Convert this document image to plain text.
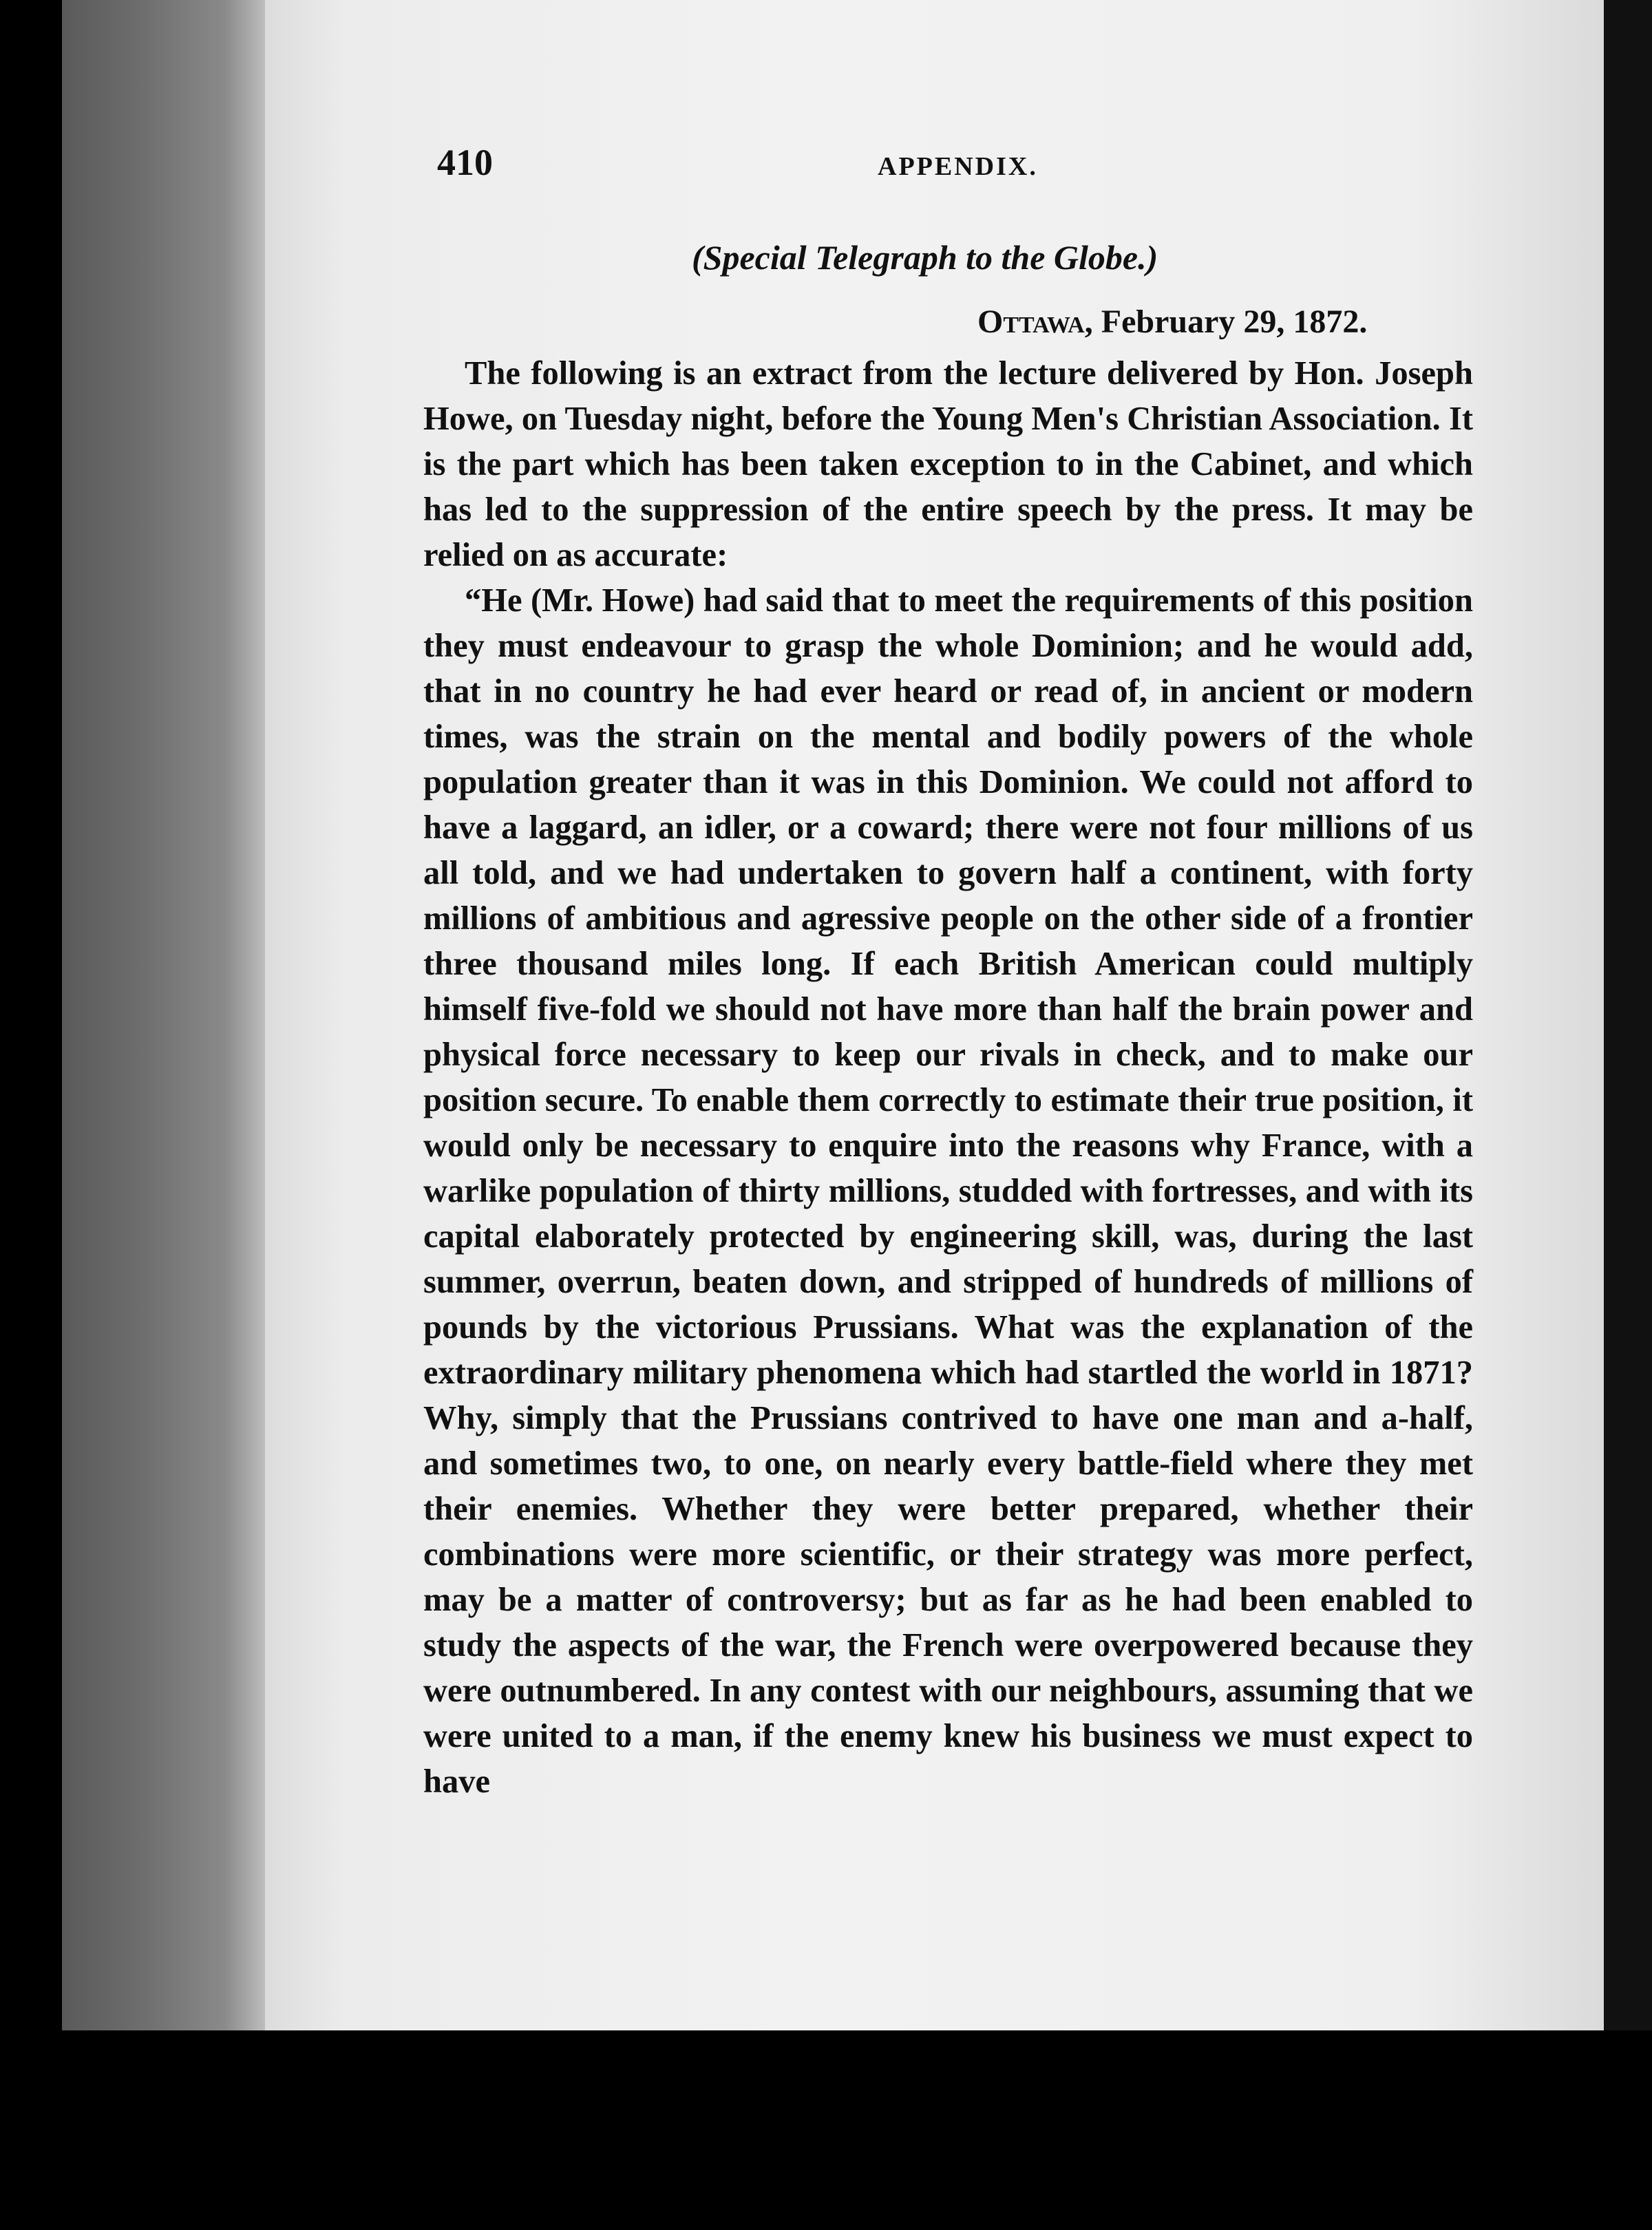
410	APPENDIX.
(Special Telegraph to the Globe.)
Ottawa, February 29, 1872.

The following is an extract from the lecture delivered by Hon. Joseph Howe, on Tuesday night, before the Young Men's Christian Association. It is the part which has been taken exception to in the Cabinet, and which has led to the suppression of the entire speech by the press. It may be relied on as accurate:

“He (Mr. Howe) had said that to meet the requirements of this position they must endeavour to grasp the whole Dominion; and he would add, that in no country he had ever heard or read of, in ancient or modern times, was the strain on the mental and bodily powers of the whole population greater than it was in this Dominion. We could not afford to have a laggard, an idler, or a coward; there were not four millions of us all told, and we had undertaken to govern half a continent, with forty millions of ambitious and agressive people on the other side of a frontier three thousand miles long. If each British American could multiply himself five-fold we should not have more than half the brain power and physical force necessary to keep our rivals in check, and to make our position secure. To enable them correctly to estimate their true position, it would only be necessary to enquire into the reasons why France, with a warlike population of thirty millions, studded with fortresses, and with its capital elaborately protected by engineering skill, was, during the last summer, overrun, beaten down, and stripped of hundreds of millions of pounds by the victorious Prussians. What was the explanation of the extraordinary military phenomena which had startled the world in 1871? Why, simply that the Prussians contrived to have one man and a-half, and sometimes two, to one, on nearly every battle-field where they met their enemies. Whether they were better prepared, whether their combinations were more scientific, or their strategy was more perfect, may be a matter of controversy; but as far as he had been enabled to study the aspects of the war, the French were overpowered because they were outnumbered. In any contest with our neighbours, assuming that we were united to a man, if the enemy knew his business we must expect to have
